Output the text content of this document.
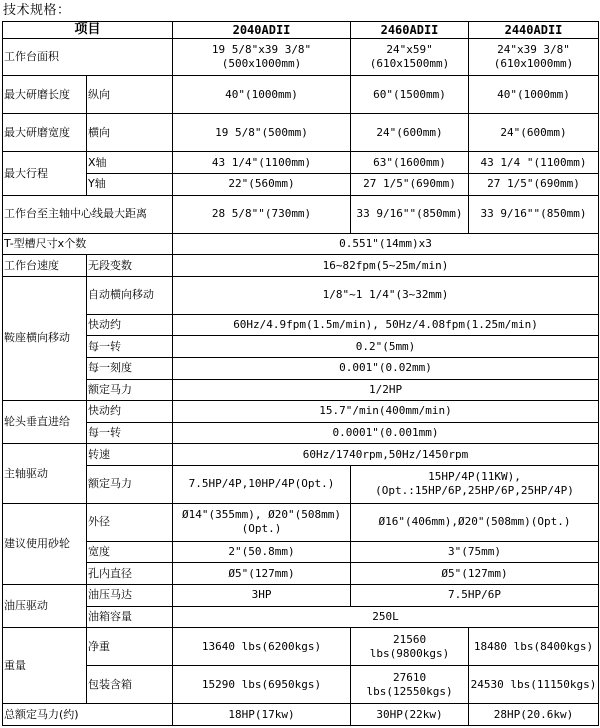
技术规格：
项目		2040ADII	2460ADII	2440ADII
工作台面积		19 5/8"x39 3/8"(500x1000mm)	24"x59" (610x1500mm)	24"x39 3/8" (610x1000mm)
最大研磨长度	纵向	40"(1000mm)	60"(1500mm)	40"(1000mm)
最大研磨宽度	横向	19 5/8"(500mm)	24"(600mm)	24"(600mm)
最大行程	X轴	43 1/4"(1100mm)	63"(1600mm)	43 1/4 "(1100mm)
	Y轴	22"(560mm)	27 1/5"(690mm)	27 1/5"(690mm)
工作台至主轴中心线最大距离		28 5/8""(730mm)	33 9/16""(850mm)	33 9/16""(850mm)
T-型槽尺寸x个数		0.551"(14mm)x3		
工作台速度	无段变数	16~82fpm(5~25m/min)		
鞍座横向移动	自动横向移动	1/8"~1 1/4"(3~32mm)		
	快动约	60Hz/4.9fpm(1.5m/min), 50Hz/4.08fpm(1.25m/min)		
	每一转	0.2"(5mm)		
	每一刻度	0.001"(0.02mm)		
	额定马力	1/2HP		
轮头垂直进给	快动约	15.7"/min(400mm/min)		
	每一转	0.0001"(0.001mm)		
主轴驱动	转速	60Hz/1740rpm,50Hz/1450rpm		
	额定马力	7.5HP/4P,10HP/4P(Opt.)	15HP/4P(11KW), (Opt.:15HP/6P,25HP/6P,25HP/4P)	
建议使用砂轮	外径	Ø14"(355mm), Ø20"(508mm)(Opt.)	Ø16"(406mm),Ø20"(508mm)(Opt.)	
	宽度	2"(50.8mm)	3"(75mm)	
	孔内直径	Ø5"(127mm)	Ø5"(127mm)	
油压驱动	油压马达	3HP	7.5HP/6P	
	油箱容量	250L		
重量	净重	13640 lbs(6200kgs)	21560 lbs(9800kgs)	18480 lbs(8400kgs)
	包装含箱	15290 lbs(6950kgs)	27610 lbs(12550kgs)	24530 lbs(11150kgs)
总额定马力(约)		18HP(17kw)	30HP(22kw)	28HP(20.6kw)
